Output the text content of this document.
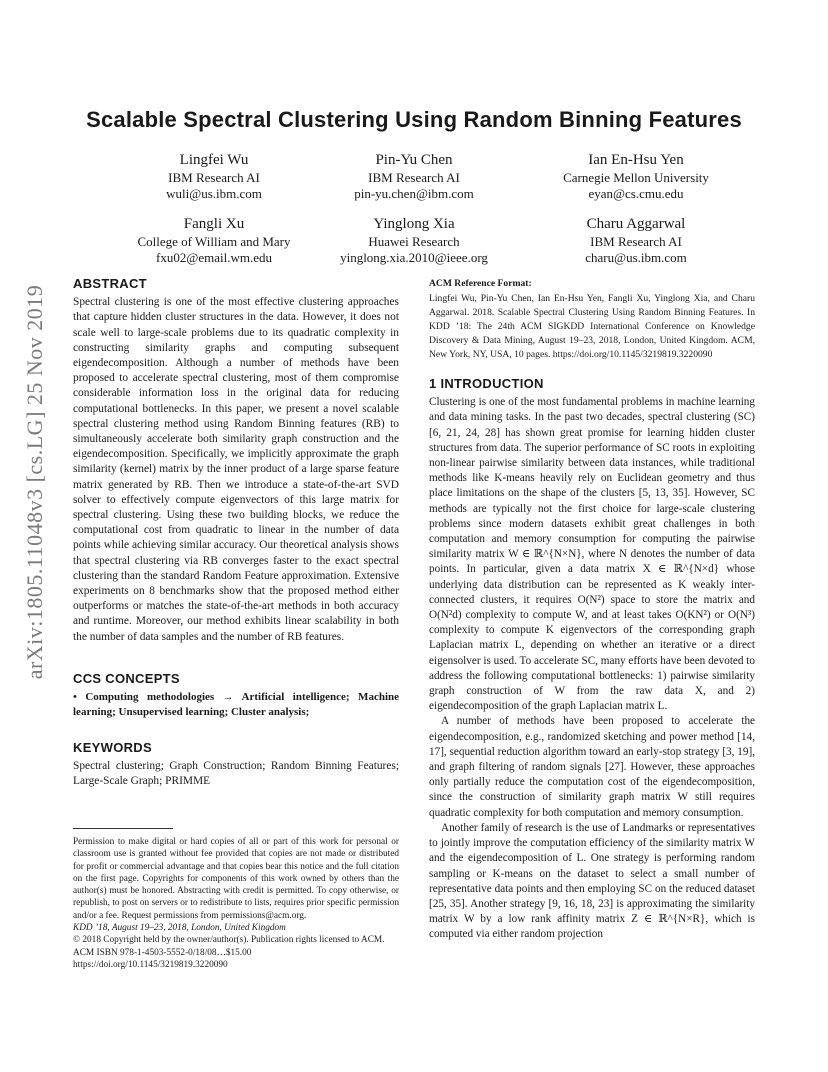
arXiv:1805.11048v3 [cs.LG] 25 Nov 2019
Scalable Spectral Clustering Using Random Binning Features
Lingfei Wu
IBM Research AI
wuli@us.ibm.com
Pin-Yu Chen
IBM Research AI
pin-yu.chen@ibm.com
Ian En-Hsu Yen
Carnegie Mellon University
eyan@cs.cmu.edu
Fangli Xu
College of William and Mary
fxu02@email.wm.edu
Yinglong Xia
Huawei Research
yinglong.xia.2010@ieee.org
Charu Aggarwal
IBM Research AI
charu@us.ibm.com
ABSTRACT

Spectral clustering is one of the most effective clustering approaches that capture hidden cluster structures in the data. However, it does not scale well to large-scale problems due to its quadratic complexity in constructing similarity graphs and computing subsequent eigendecomposition. Although a number of methods have been proposed to accelerate spectral clustering, most of them compromise considerable information loss in the original data for reducing computational bottlenecks. In this paper, we present a novel scalable spectral clustering method using Random Binning features (RB) to simultaneously accelerate both similarity graph construction and the eigendecomposition. Specifically, we implicitly approximate the graph similarity (kernel) matrix by the inner product of a large sparse feature matrix generated by RB. Then we introduce a state-of-the-art SVD solver to effectively compute eigenvectors of this large matrix for spectral clustering. Using these two building blocks, we reduce the computational cost from quadratic to linear in the number of data points while achieving similar accuracy. Our theoretical analysis shows that spectral clustering via RB converges faster to the exact spectral clustering than the standard Random Feature approximation. Extensive experiments on 8 benchmarks show that the proposed method either outperforms or matches the state-of-the-art methods in both accuracy and runtime. Moreover, our method exhibits linear scalability in both the number of data samples and the number of RB features.

CCS CONCEPTS

• Computing methodologies → Artificial intelligence; Machine learning; Unsupervised learning; Cluster analysis;

KEYWORDS

Spectral clustering; Graph Construction; Random Binning Features; Large-Scale Graph; PRIMME

Permission to make digital or hard copies of all or part of this work for personal or classroom use is granted without fee provided that copies are not made or distributed for profit or commercial advantage and that copies bear this notice and the full citation on the first page. Copyrights for components of this work owned by others than the author(s) must be honored. Abstracting with credit is permitted. To copy otherwise, or republish, to post on servers or to redistribute to lists, requires prior specific permission and/or a fee. Request permissions from permissions@acm.org.

KDD ’18, August 19–23, 2018, London, United Kingdom

© 2018 Copyright held by the owner/author(s). Publication rights licensed to ACM.

ACM ISBN 978-1-4503-5552-0/18/08…$15.00

https://doi.org/10.1145/3219819.3220090

ACM Reference Format:

Lingfei Wu, Pin-Yu Chen, Ian En-Hsu Yen, Fangli Xu, Yinglong Xia, and Charu Aggarwal. 2018. Scalable Spectral Clustering Using Random Binning Features. In KDD ’18: The 24th ACM SIGKDD International Conference on Knowledge Discovery & Data Mining, August 19–23, 2018, London, United Kingdom. ACM, New York, NY, USA, 10 pages. https://doi.org/10.1145/3219819.3220090

1 INTRODUCTION

Clustering is one of the most fundamental problems in machine learning and data mining tasks. In the past two decades, spectral clustering (SC) [6, 21, 24, 28] has shown great promise for learning hidden cluster structures from data. The superior performance of SC roots in exploiting non-linear pairwise similarity between data instances, while traditional methods like K-means heavily rely on Euclidean geometry and thus place limitations on the shape of the clusters [5, 13, 35]. However, SC methods are typically not the first choice for large-scale clustering problems since modern datasets exhibit great challenges in both computation and memory consumption for computing the pairwise similarity matrix W ∈ ℝ^{N×N}, where N denotes the number of data points. In particular, given a data matrix X ∈ ℝ^{N×d} whose underlying data distribution can be represented as K weakly inter-connected clusters, it requires O(N²) space to store the matrix and O(N²d) complexity to compute W, and at least takes O(KN²) or O(N³) complexity to compute K eigenvectors of the corresponding graph Laplacian matrix L, depending on whether an iterative or a direct eigensolver is used. To accelerate SC, many efforts have been devoted to address the following computational bottlenecks: 1) pairwise similarity graph construction of W from the raw data X, and 2) eigendecomposition of the graph Laplacian matrix L.

A number of methods have been proposed to accelerate the eigendecomposition, e.g., randomized sketching and power method [14, 17], sequential reduction algorithm toward an early-stop strategy [3, 19], and graph filtering of random signals [27]. However, these approaches only partially reduce the computation cost of the eigendecomposition, since the construction of similarity graph matrix W still requires quadratic complexity for both computation and memory consumption.

Another family of research is the use of Landmarks or representatives to jointly improve the computation efficiency of the similarity matrix W and the eigendecomposition of L. One strategy is performing random sampling or K-means on the dataset to select a small number of representative data points and then employing SC on the reduced dataset [25, 35]. Another strategy [9, 16, 18, 23] is approximating the similarity matrix W by a low rank affinity matrix Z ∈ ℝ^{N×R}, which is computed via either random projection
